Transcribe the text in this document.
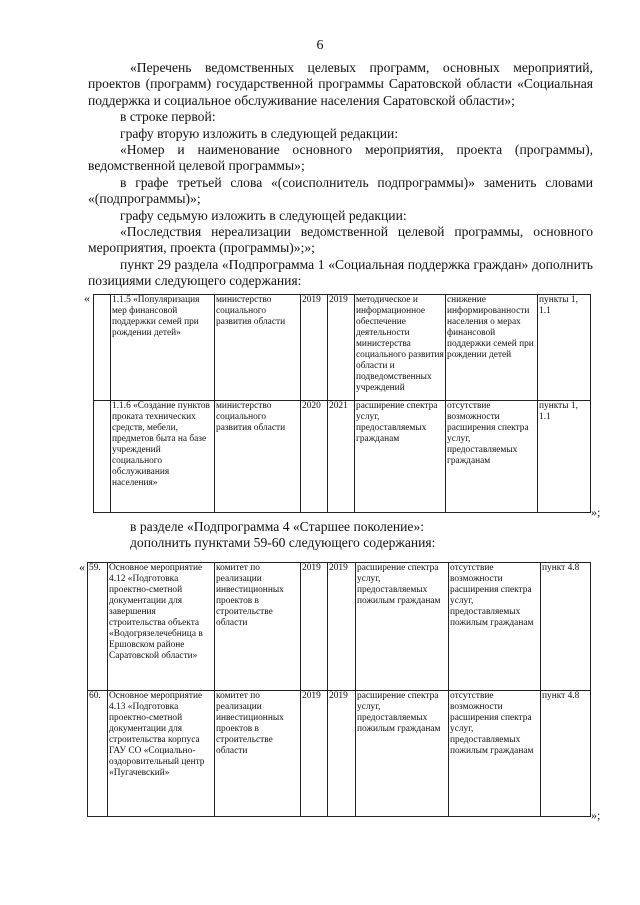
6

«Перечень ведомственных целевых программ, основных мероприятий, проектов (программ) государственной программы Саратовской области «Социальная поддержка и социальное обслуживание населения Саратовской области»;

в строке первой:

графу вторую изложить в следующей редакции:

«Номер и наименование основного мероприятия, проекта (программы), ведомственной целевой программы»;

в графе третьей слова «(соисполнитель подпрограммы)» заменить словами «(подпрограммы)»;

графу седьмую изложить в следующей редакции:

«Последствия нереализации ведомственной целевой программы, основного мероприятия, проекта (программы)»;»;

пункт 29 раздела «Подпрограмма 1 «Социальная поддержка граждан» дополнить позициями следующего содержания:

«
	1.1.5 «Популяризация мер финансовой поддержки семей при рождении детей»	министерство социального развития области	2019	2019	методическое и информационное обеспечение деятельности министерства социального развития области и подведомственных учреждений	снижение информированности населения о мерах финансовой поддержки семей при рождении детей	пункты 1, 1.1
	1.1.6 «Создание пунктов проката технических средств, мебели, предметов быта на базе учреждений социального обслуживания населения»	министерство социального развития области	2020	2021	расширение спектра услуг, предоставляемых гражданам	отсутствие возможности расширения спектра услуг, предоставляемых гражданам	пункты 1, 1.1
»;

в разделе «Подпрограмма 4 «Старшее поколение»:

дополнить пунктами 59-60 следующего содержания:

« 59.	Основное мероприятие 4.12 «Подготовка проектно-сметной документации для завершения строительства объекта «Водогрязелечебница в Ершовском районе Саратовской области»	комитет по реализации инвестиционных проектов в строительстве области	2019	2019	расширение спектра услуг, предоставляемых пожилым гражданам	отсутствие возможности расширения спектра услуг, предоставляемых пожилым гражданам	пункт 4.8
60.	Основное мероприятие 4.13 «Подготовка проектно-сметной документации для строительства корпуса ГАУ СО «Социально-оздоровительный центр «Пугачевский»	комитет по реализации инвестиционных проектов в строительстве области	2019	2019	расширение спектра услуг, предоставляемых пожилым гражданам	отсутствие возможности расширения спектра услуг, предоставляемых пожилым гражданам	пункт 4.8
»;
